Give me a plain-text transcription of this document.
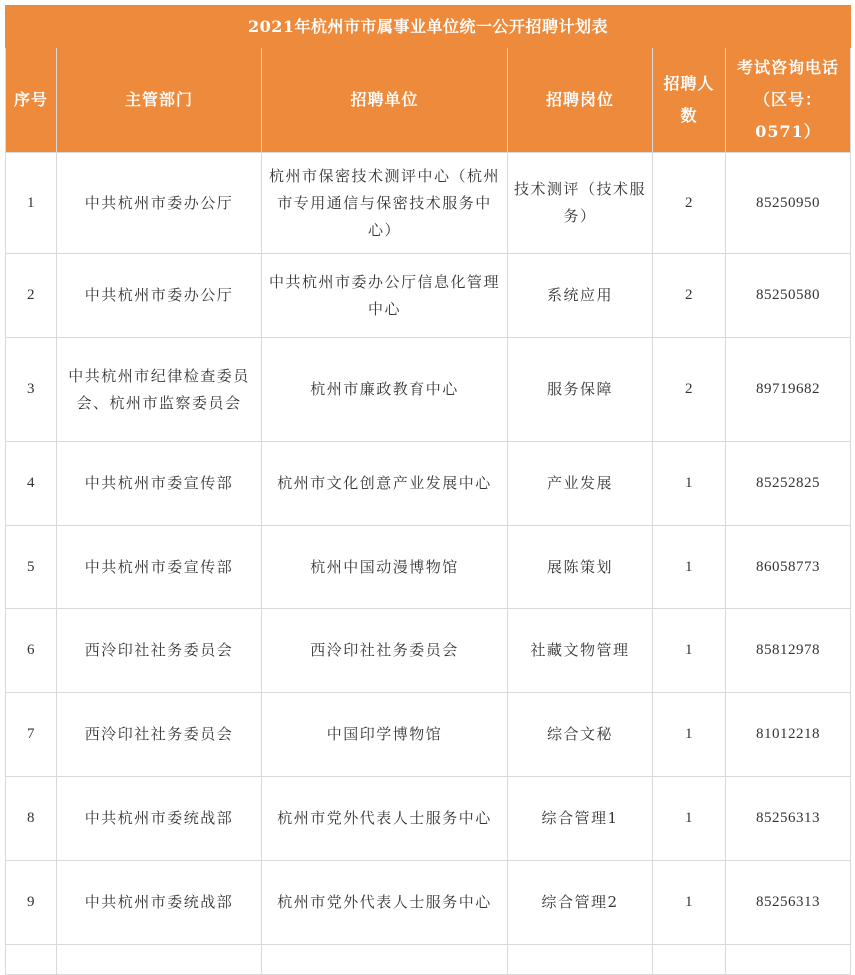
2021年杭州市市属事业单位统一公开招聘计划表					
序号	主管部门	招聘单位	招聘岗位	招聘人数	考试咨询电话（区号：0571）
1	中共杭州市委办公厅	杭州市保密技术测评中心（杭州市专用通信与保密技术服务中心）	技术测评（技术服务）	2	85250950
2	中共杭州市委办公厅	中共杭州市委办公厅信息化管理中心	系统应用	2	85250580
3	中共杭州市纪律检查委员会、杭州市监察委员会	杭州市廉政教育中心	服务保障	2	89719682
4	中共杭州市委宣传部	杭州市文化创意产业发展中心	产业发展	1	85252825
5	中共杭州市委宣传部	杭州中国动漫博物馆	展陈策划	1	86058773
6	西泠印社社务委员会	西泠印社社务委员会	社藏文物管理	1	85812978
7	西泠印社社务委员会	中国印学博物馆	综合文秘	1	81012218
8	中共杭州市委统战部	杭州市党外代表人士服务中心	综合管理1	1	85256313
9	中共杭州市委统战部	杭州市党外代表人士服务中心	综合管理2	1	85256313
